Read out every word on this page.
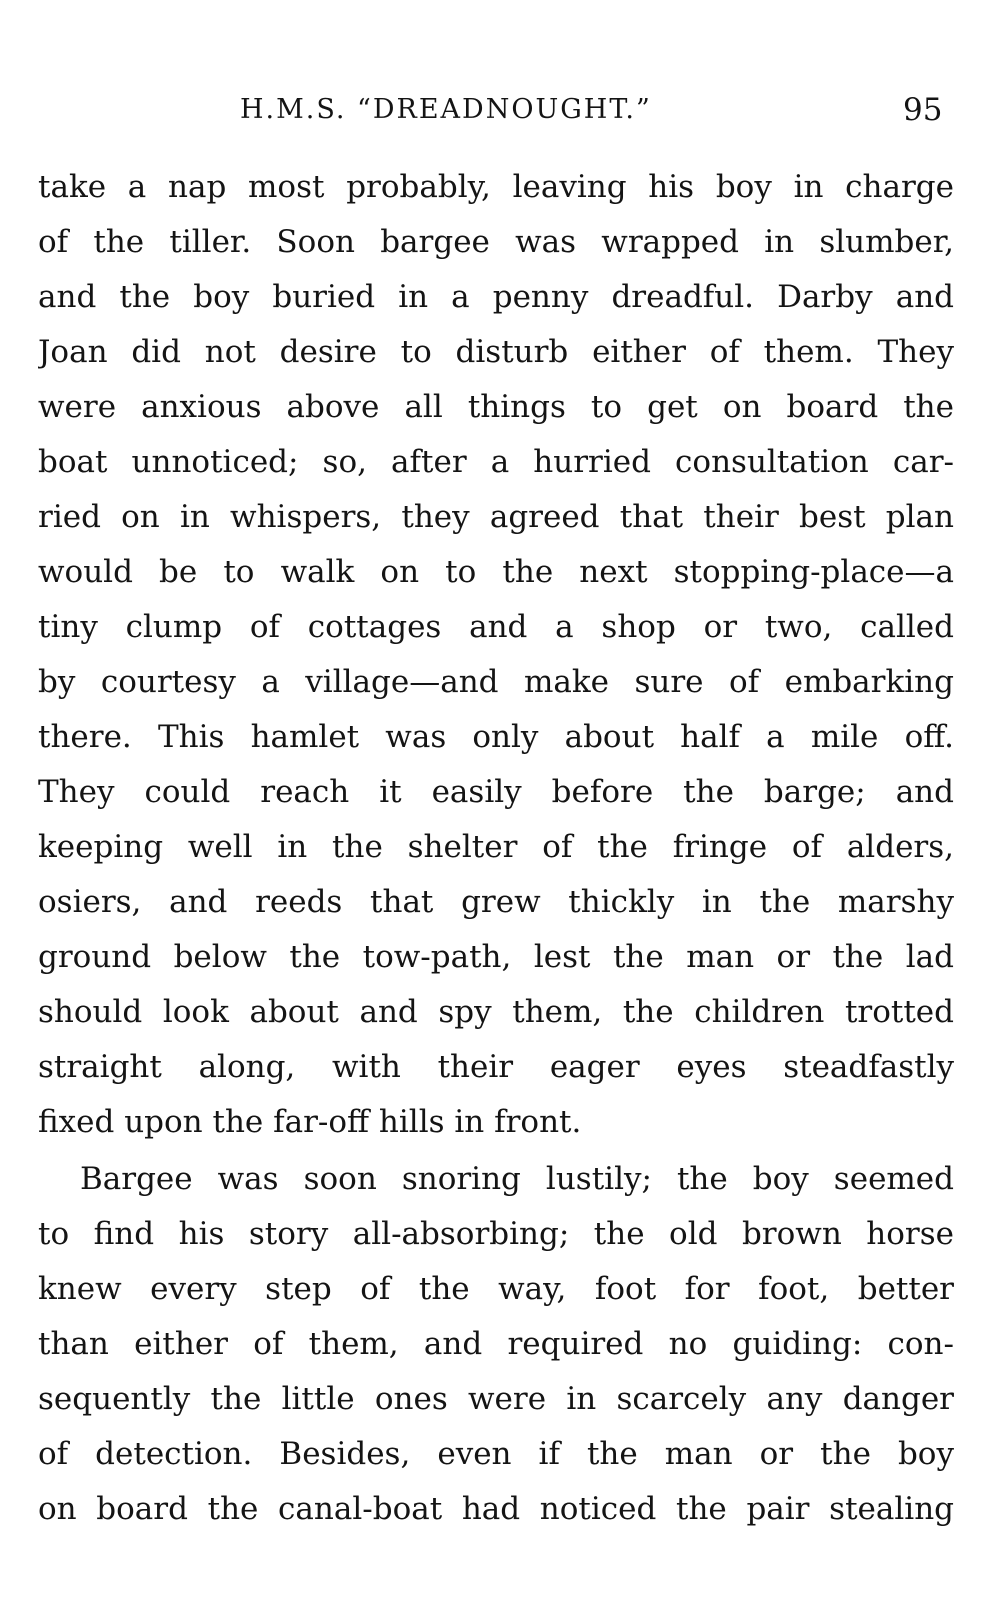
H.M.S. “DREADNOUGHT.”	95
take a nap most probably, leaving his boy in charge
of the tiller. Soon bargee was wrapped in slumber,
and the boy buried in a penny dreadful. Darby and
Joan did not desire to disturb either of them. They
were anxious above all things to get on board the
boat unnoticed; so, after a hurried consultation car-
ried on in whispers, they agreed that their best plan
would be to walk on to the next stopping-place—a
tiny clump of cottages and a shop or two, called
by courtesy a village—and make sure of embarking
there. This hamlet was only about half a mile off.
They could reach it easily before the barge; and
keeping well in the shelter of the fringe of alders,
osiers, and reeds that grew thickly in the marshy
ground below the tow-path, lest the man or the lad
should look about and spy them, the children trotted
straight along, with their eager eyes steadfastly
fixed upon the far-off hills in front.
Bargee was soon snoring lustily; the boy seemed
to find his story all-absorbing; the old brown horse
knew every step of the way, foot for foot, better
than either of them, and required no guiding: con-
sequently the little ones were in scarcely any danger
of detection. Besides, even if the man or the boy
on board the canal-boat had noticed the pair stealing
